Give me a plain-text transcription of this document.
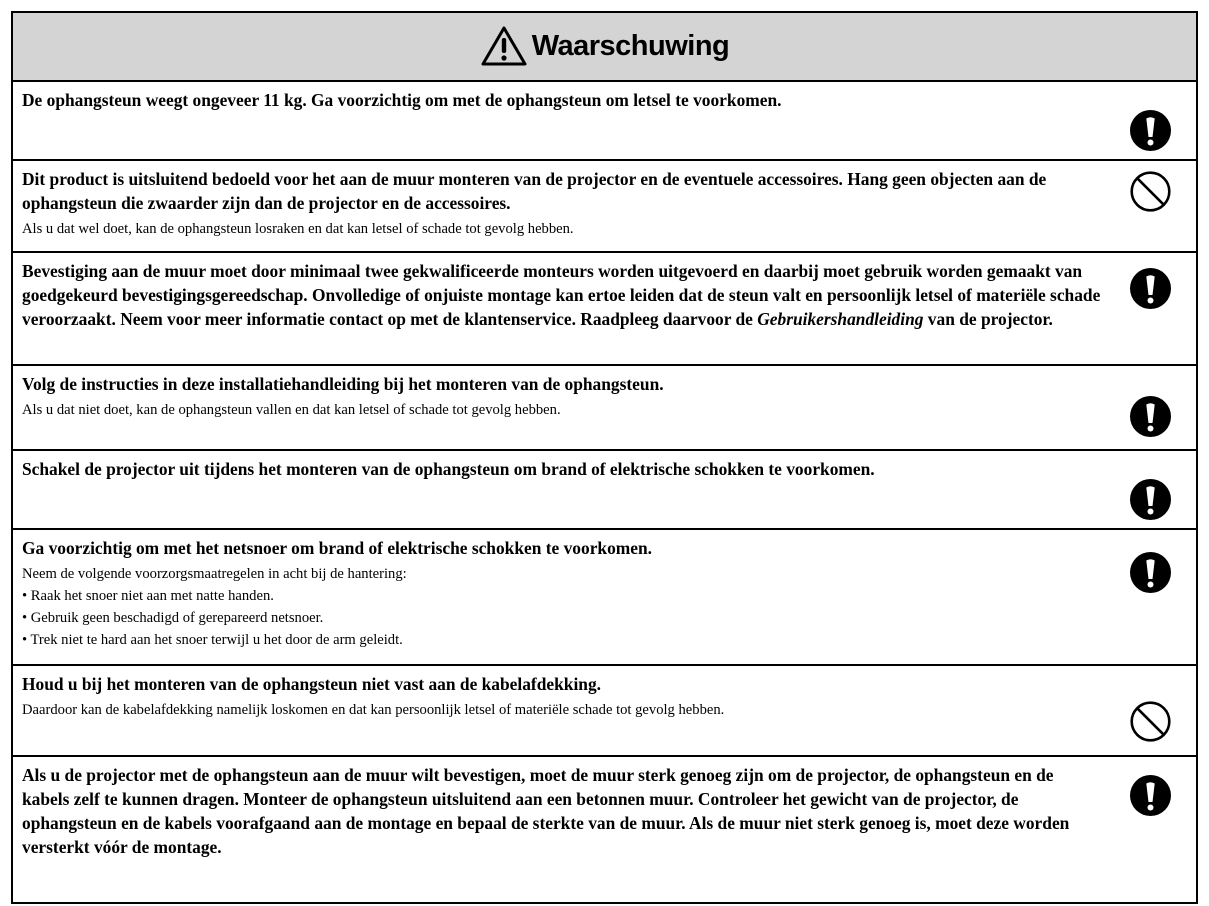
Waarschuwing

De ophangsteun weegt ongeveer 11 kg. Ga voorzichtig om met de ophangsteun om letsel te voorkomen.

Dit product is uitsluitend bedoeld voor het aan de muur monteren van de projector en de eventuele accessoires. Hang geen objecten aan de ophangsteun die zwaarder zijn dan de projector en de accessoires.

Als u dat wel doet, kan de ophangsteun losraken en dat kan letsel of schade tot gevolg hebben.

Bevestiging aan de muur moet door minimaal twee gekwalificeerde monteurs worden uitgevoerd en daarbij moet gebruik worden gemaakt van goedgekeurd bevestigingsgereedschap. Onvolledige of onjuiste montage kan ertoe leiden dat de steun valt en persoonlijk letsel of materiële schade veroorzaakt. Neem voor meer informatie contact op met de klantenservice. Raadpleeg daarvoor de Gebruikershandleiding van de projector.

Volg de instructies in deze installatiehandleiding bij het monteren van de ophangsteun.

Als u dat niet doet, kan de ophangsteun vallen en dat kan letsel of schade tot gevolg hebben.

Schakel de projector uit tijdens het monteren van de ophangsteun om brand of elektrische schokken te voorkomen.

Ga voorzichtig om met het netsnoer om brand of elektrische schokken te voorkomen.

Neem de volgende voorzorgsmaatregelen in acht bij de hantering:

• Raak het snoer niet aan met natte handen.

• Gebruik geen beschadigd of gerepareerd netsnoer.

• Trek niet te hard aan het snoer terwijl u het door de arm geleidt.

Houd u bij het monteren van de ophangsteun niet vast aan de kabelafdekking.

Daardoor kan de kabelafdekking namelijk loskomen en dat kan persoonlijk letsel of materiële schade tot gevolg hebben.

Als u de projector met de ophangsteun aan de muur wilt bevestigen, moet de muur sterk genoeg zijn om de projector, de ophangsteun en de kabels zelf te kunnen dragen. Monteer de ophangsteun uitsluitend aan een betonnen muur. Controleer het gewicht van de projector, de ophangsteun en de kabels voorafgaand aan de montage en bepaal de sterkte van de muur. Als de muur niet sterk genoeg is, moet deze worden versterkt vóór de montage.
